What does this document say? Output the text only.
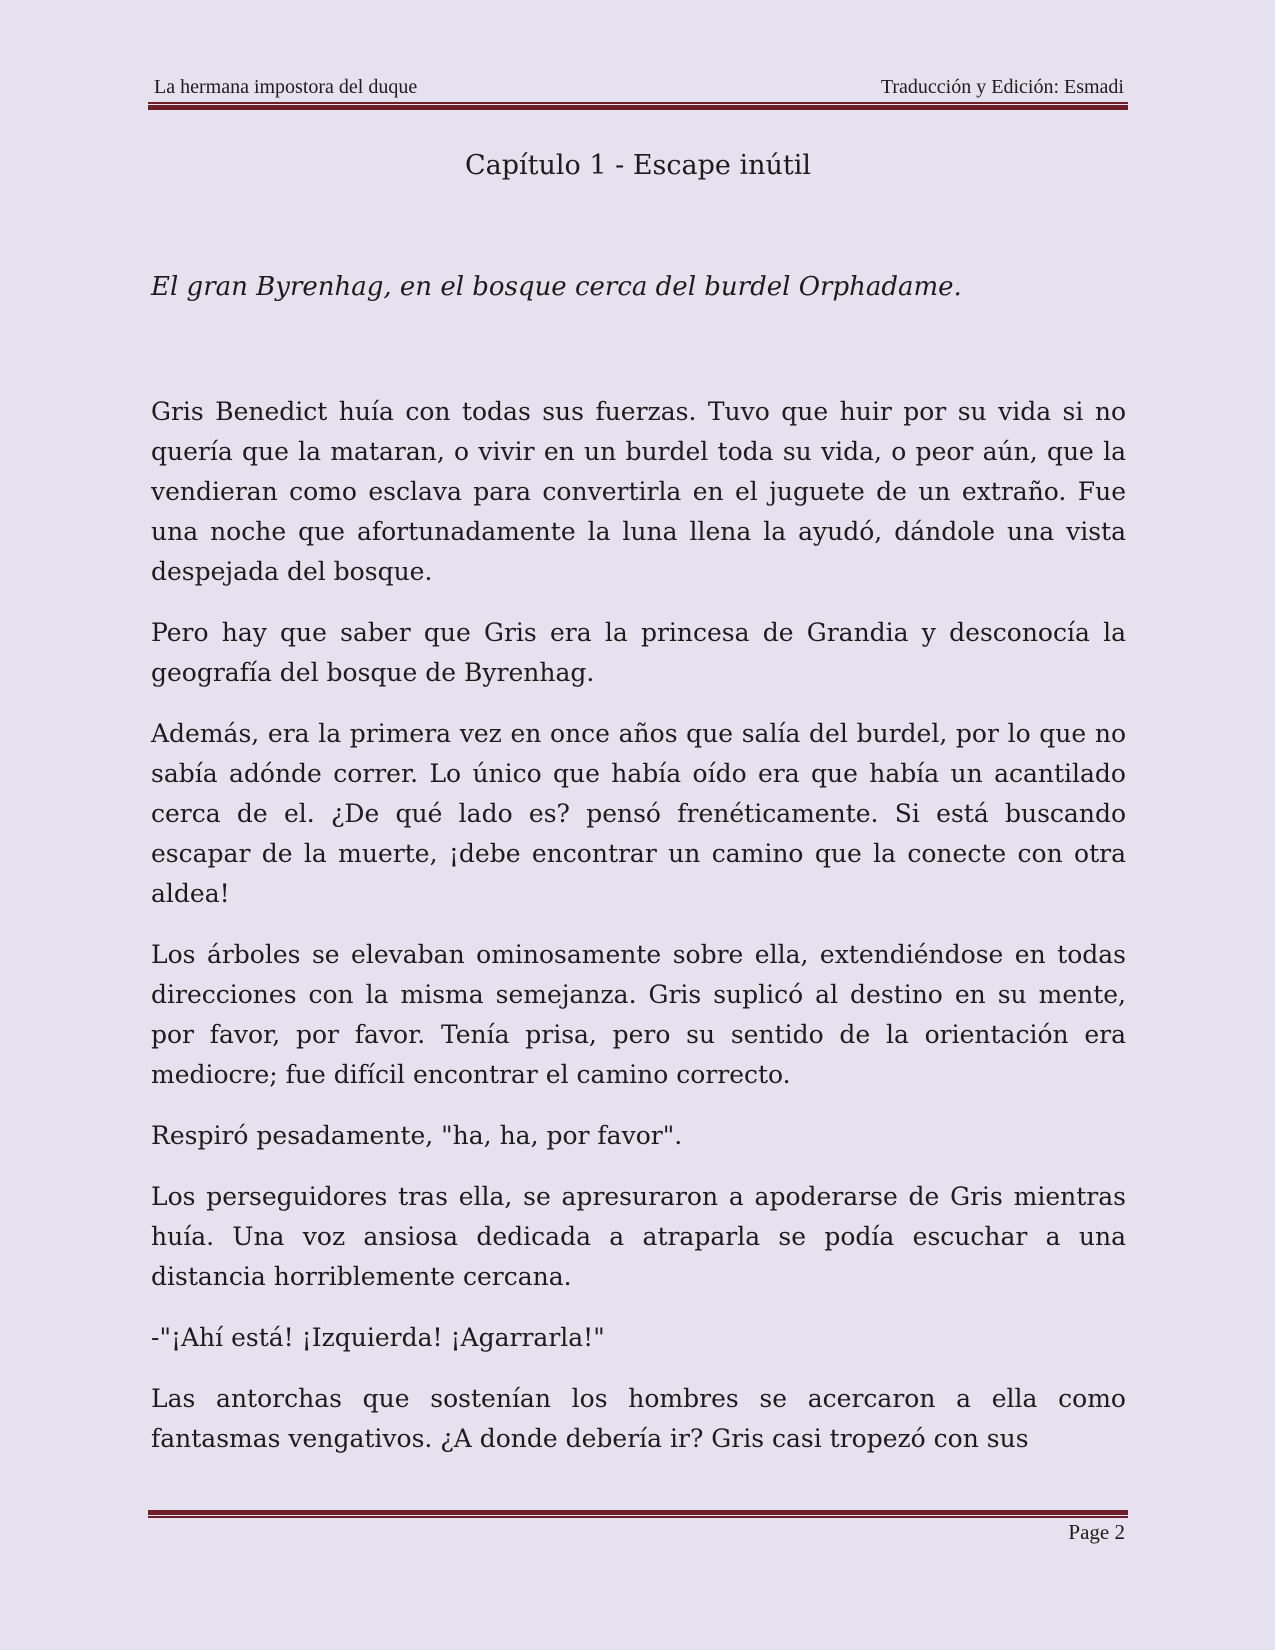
La hermana impostora del duque	Traducción y Edición: Esmadi
Capítulo 1 - Escape inútil

El gran Byrenhag, en el bosque cerca del burdel Orphadame.

Gris Benedict huía con todas sus fuerzas. Tuvo que huir por su vida si no quería que la mataran, o vivir en un burdel toda su vida, o peor aún, que la vendieran como esclava para convertirla en el juguete de un extraño. Fue una noche que afortunadamente la luna llena la ayudó, dándole una vista despejada del bosque.

Pero hay que saber que Gris era la princesa de Grandia y desconocía la geografía del bosque de Byrenhag.

Además, era la primera vez en once años que salía del burdel, por lo que no sabía adónde correr. Lo único que había oído era que había un acantilado cerca de el. ¿De qué lado es? pensó frenéticamente. Si está buscando escapar de la muerte, ¡debe encontrar un camino que la conecte con otra aldea!

Los árboles se elevaban ominosamente sobre ella, extendiéndose en todas direcciones con la misma semejanza. Gris suplicó al destino en su mente, por favor, por favor. Tenía prisa, pero su sentido de la orientación era mediocre; fue difícil encontrar el camino correcto.

Respiró pesadamente, "ha, ha, por favor".

Los perseguidores tras ella, se apresuraron a apoderarse de Gris mientras huía. Una voz ansiosa dedicada a atraparla se podía escuchar a una distancia horriblemente cercana.

-"¡Ahí está! ¡Izquierda! ¡Agarrarla!"

Las antorchas que sostenían los hombres se acercaron a ella como fantasmas vengativos. ¿A donde debería ir? Gris casi tropezó con sus

Page 2
